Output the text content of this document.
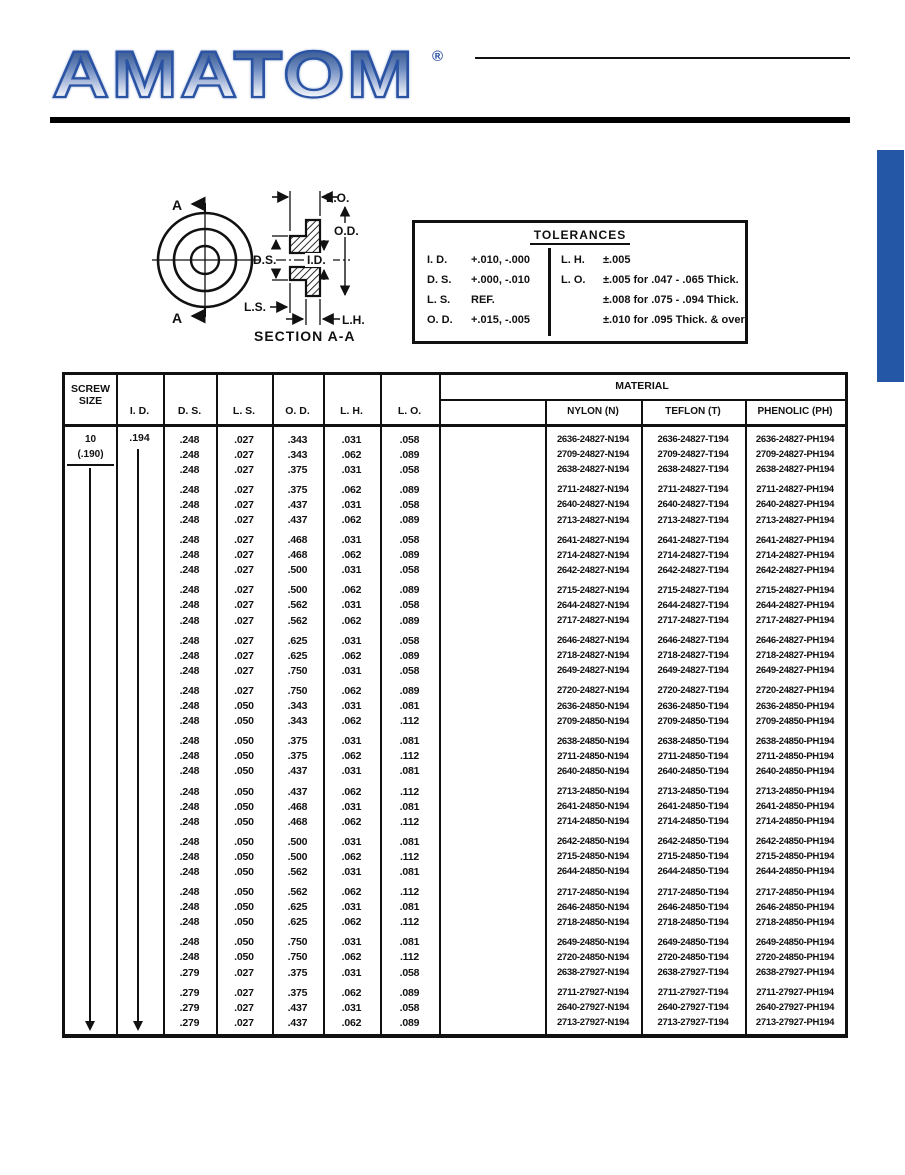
AMATOM ®
A
A
L.O.
O.D.
I.D.
D.S.
L.S.
L.H.
SECTION A-A
TOLERANCES
I. D.	+.010, -.000
D. S.	+.000, -.010
L. S.	REF.
O. D.	+.015, -.005
L. H.	±.005
L. O.	±.005 for .047 - .065 Thick.
±.008 for .075 - .094 Thick.
±.010 for .095 Thick. & over
SCREW
SIZE
I. D.	D. S.	L. S.	O. D.	L. H.	L. O.
MATERIAL
NYLON (N)	TEFLON (T)	PHENOLIC (PH)
.248	.027	.343	.031	.058	2636-24827-N194	2636-24827-T194	2636-24827-PH194
.248	.027	.343	.062	.089	2709-24827-N194	2709-24827-T194	2709-24827-PH194
.248	.027	.375	.031	.058	2638-24827-N194	2638-24827-T194	2638-24827-PH194
.248	.027	.375	.062	.089	2711-24827-N194	2711-24827-T194	2711-24827-PH194
.248	.027	.437	.031	.058	2640-24827-N194	2640-24827-T194	2640-24827-PH194
.248	.027	.437	.062	.089	2713-24827-N194	2713-24827-T194	2713-24827-PH194
.248	.027	.468	.031	.058	2641-24827-N194	2641-24827-T194	2641-24827-PH194
.248	.027	.468	.062	.089	2714-24827-N194	2714-24827-T194	2714-24827-PH194
.248	.027	.500	.031	.058	2642-24827-N194	2642-24827-T194	2642-24827-PH194
.248	.027	.500	.062	.089	2715-24827-N194	2715-24827-T194	2715-24827-PH194
.248	.027	.562	.031	.058	2644-24827-N194	2644-24827-T194	2644-24827-PH194
.248	.027	.562	.062	.089	2717-24827-N194	2717-24827-T194	2717-24827-PH194
.248	.027	.625	.031	.058	2646-24827-N194	2646-24827-T194	2646-24827-PH194
.248	.027	.625	.062	.089	2718-24827-N194	2718-24827-T194	2718-24827-PH194
.248	.027	.750	.031	.058	2649-24827-N194	2649-24827-T194	2649-24827-PH194
.248	.027	.750	.062	.089	2720-24827-N194	2720-24827-T194	2720-24827-PH194
.248	.050	.343	.031	.081	2636-24850-N194	2636-24850-T194	2636-24850-PH194
.248	.050	.343	.062	.112	2709-24850-N194	2709-24850-T194	2709-24850-PH194
.248	.050	.375	.031	.081	2638-24850-N194	2638-24850-T194	2638-24850-PH194
.248	.050	.375	.062	.112	2711-24850-N194	2711-24850-T194	2711-24850-PH194
.248	.050	.437	.031	.081	2640-24850-N194	2640-24850-T194	2640-24850-PH194
.248	.050	.437	.062	.112	2713-24850-N194	2713-24850-T194	2713-24850-PH194
.248	.050	.468	.031	.081	2641-24850-N194	2641-24850-T194	2641-24850-PH194
.248	.050	.468	.062	.112	2714-24850-N194	2714-24850-T194	2714-24850-PH194
.248	.050	.500	.031	.081	2642-24850-N194	2642-24850-T194	2642-24850-PH194
.248	.050	.500	.062	.112	2715-24850-N194	2715-24850-T194	2715-24850-PH194
.248	.050	.562	.031	.081	2644-24850-N194	2644-24850-T194	2644-24850-PH194
.248	.050	.562	.062	.112	2717-24850-N194	2717-24850-T194	2717-24850-PH194
.248	.050	.625	.031	.081	2646-24850-N194	2646-24850-T194	2646-24850-PH194
.248	.050	.625	.062	.112	2718-24850-N194	2718-24850-T194	2718-24850-PH194
.248	.050	.750	.031	.081	2649-24850-N194	2649-24850-T194	2649-24850-PH194
.248	.050	.750	.062	.112	2720-24850-N194	2720-24850-T194	2720-24850-PH194
.279	.027	.375	.031	.058	2638-27927-N194	2638-27927-T194	2638-27927-PH194
.279	.027	.375	.062	.089	2711-27927-N194	2711-27927-T194	2711-27927-PH194
.279	.027	.437	.031	.058	2640-27927-N194	2640-27927-T194	2640-27927-PH194
.279	.027	.437	.062	.089	2713-27927-N194	2713-27927-T194	2713-27927-PH194
10
(.190)
.194
